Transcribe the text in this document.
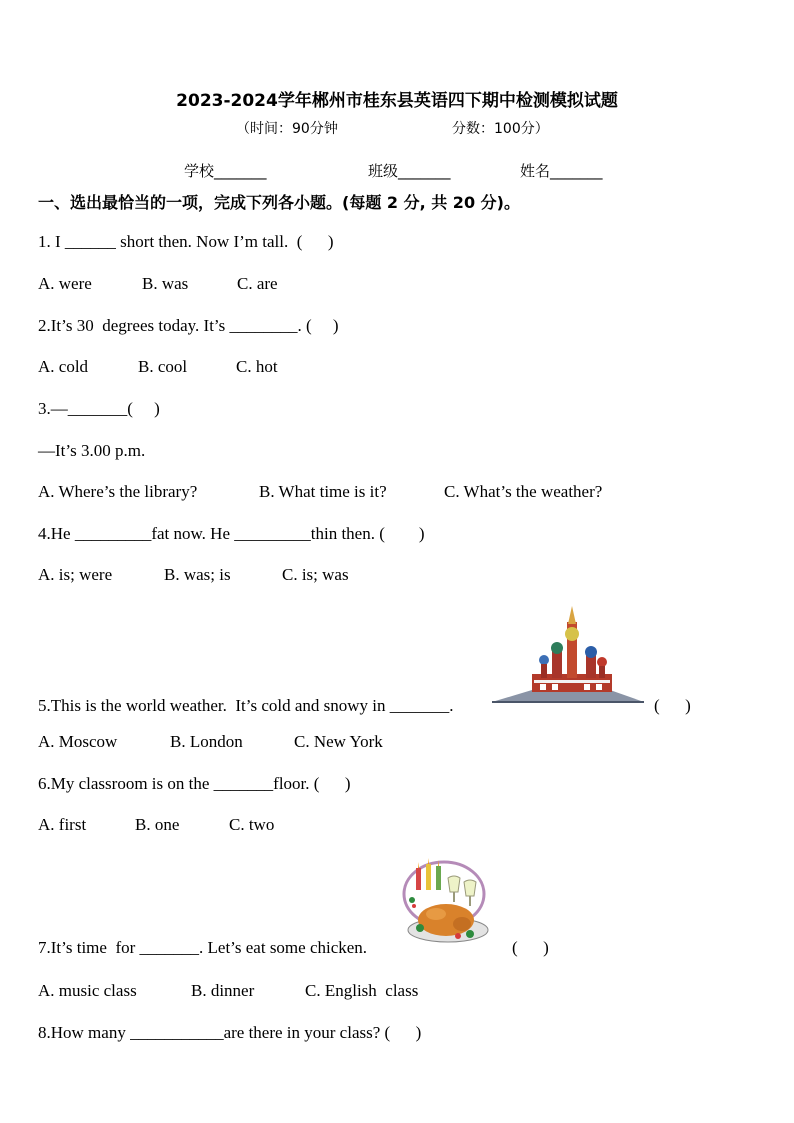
2023-2024学年郴州市桂东县英语四下期中检测模拟试题
（时间：90分钟	分数：100分）
学校_______	班级_______	姓名_______
一、选出最恰当的一项，完成下列各小题。(每题 2 分, 共 20 分)。
1. I ______ short then. Now I’m tall.  (      )
A. were	B. was	C. are
2.It’s 30  degrees today. It’s ________. (     )
A. cold	B. cool	C. hot
3.—_______(     )
—It’s 3.00 p.m.
A. Where’s the library?	B. What time is it?	C. What’s the weather?
4.He _________fat now. He _________thin then. (        )
A. is; were	B. was; is	C. is; was
5.This is the world weather.  It’s cold and snowy in _______.	(      )
A. Moscow	B. London	C. New York
6.My classroom is on the _______floor. (      )
A. first	B. one	C. two
7.It’s time  for _______. Let’s eat some chicken.	(      )
A. music class	B. dinner	C. English  class
8.How many ___________are there in your class? (      )
